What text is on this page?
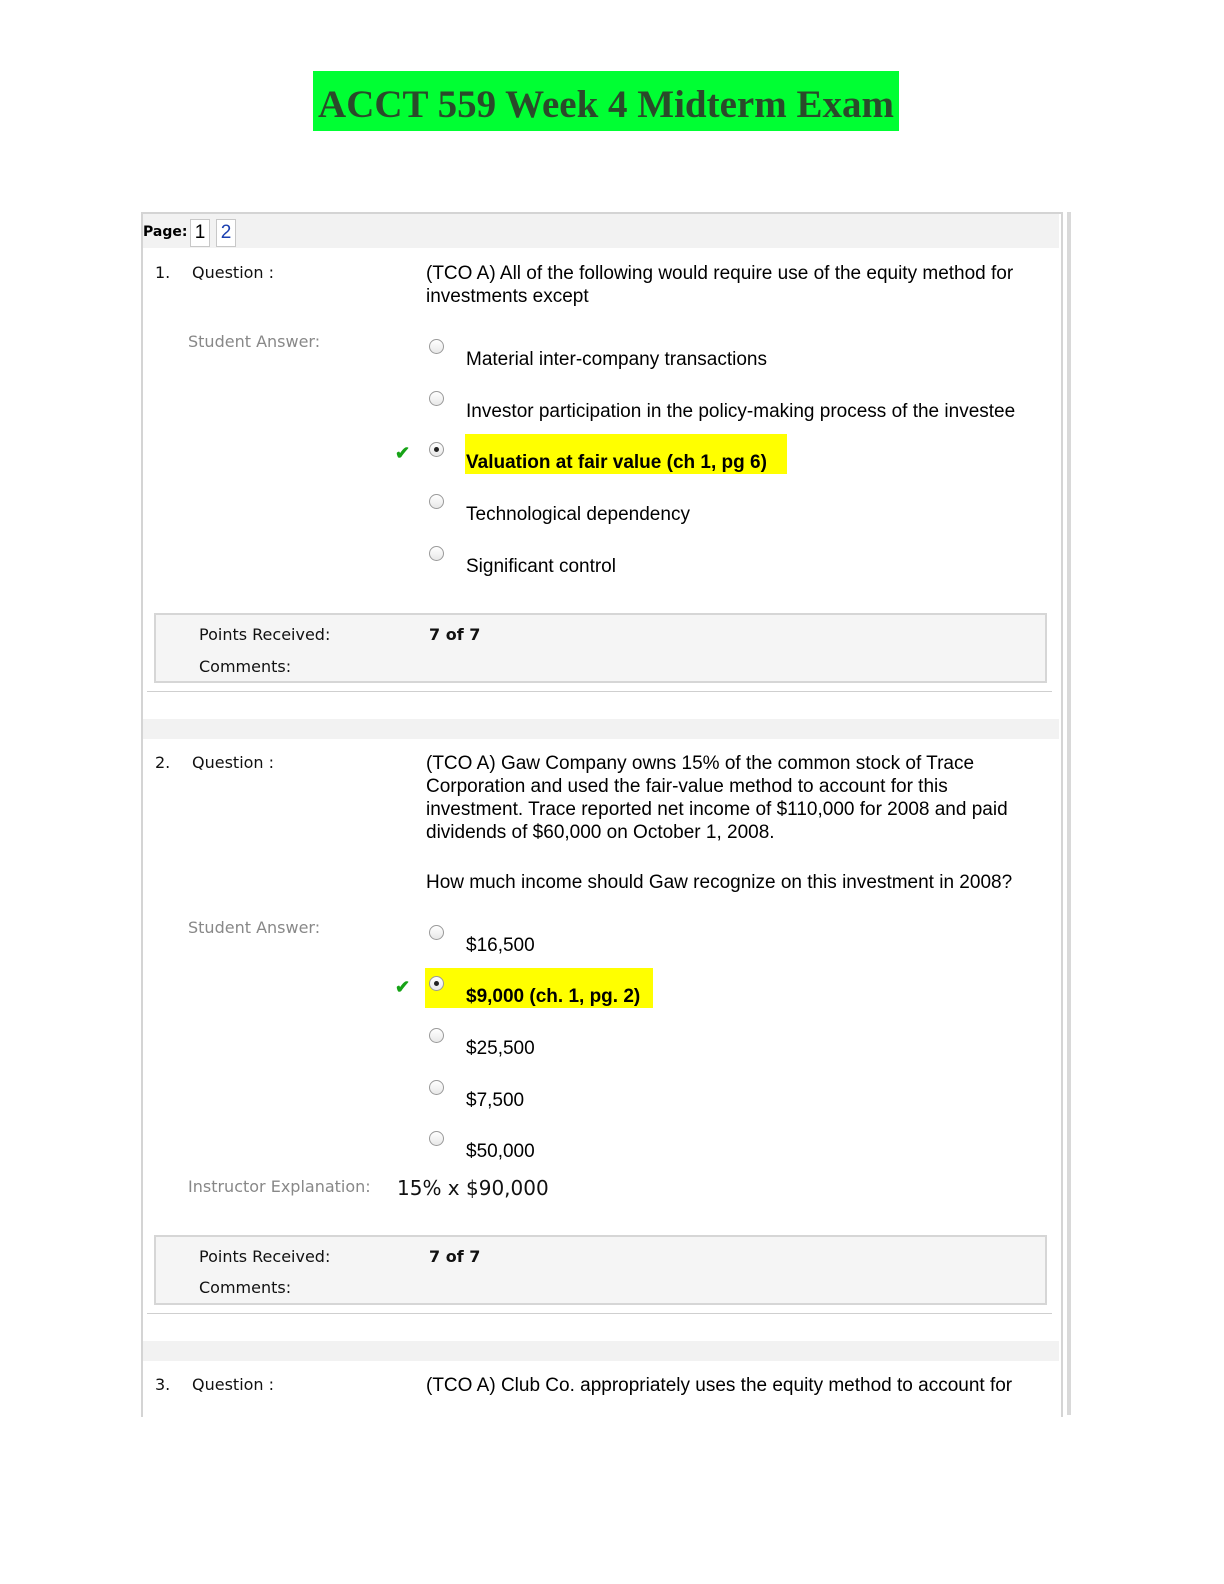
ACCT 559 Week 4 Midterm Exam
Page: 1 2
1. Question :	(TCO A) All of the following would require use of the equity method for investments except
Student Answer:
Material inter-company transactions
Investor participation in the policy-making process of the investee
✔	Valuation at fair value (ch 1, pg 6)
Technological dependency
Significant control
Points Received:	7 of 7
Comments:
2. Question :	(TCO A) Gaw Company owns 15% of the common stock of Trace Corporation and used the fair-value method to account for this investment. Trace reported net income of $110,000 for 2008 and paid dividends of $60,000 on October 1, 2008.
How much income should Gaw recognize on this investment in 2008?
Student Answer:
$16,500
✔	$9,000 (ch. 1, pg. 2)
$25,500
$7,500
$50,000
Instructor Explanation: 15% x $90,000
Points Received:	7 of 7
Comments:
3. Question :	(TCO A) Club Co. appropriately uses the equity method to account for
